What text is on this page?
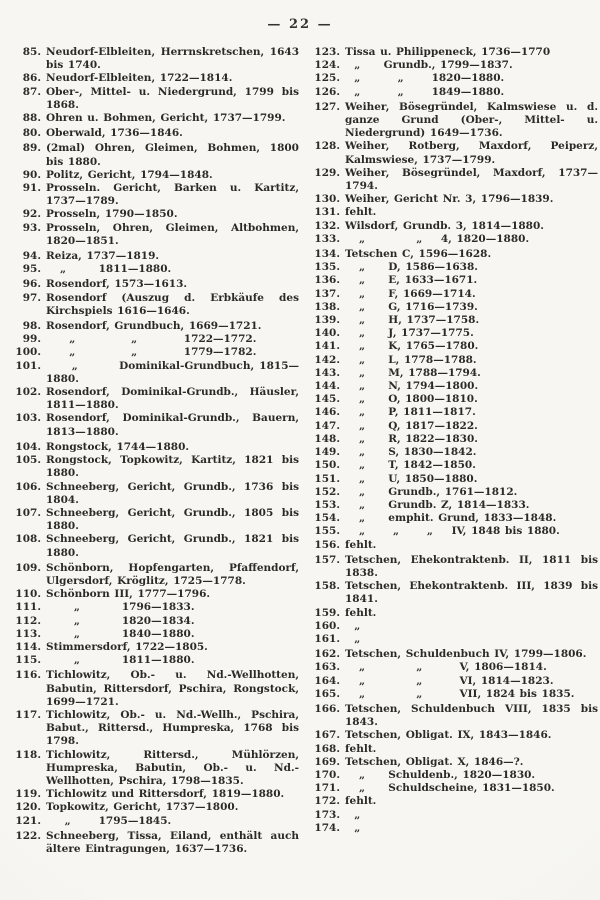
— 22 —
85. Neudorf-Elbleiten, Herrnskretschen, 1643 bis 1740.
86. Neudorf-Elbleiten, 1722—1814.
87. Ober-, Mittel- u. Niedergrund, 1799 bis 1868.
88. Ohren u. Bohmen, Gericht, 1737—1799.
80. Oberwald, 1736—1846.
89. (2mal) Ohren, Gleimen, Bohmen, 1800 bis 1880.
90. Politz, Gericht, 1794—1848.
91. Prosseln. Gericht, Barken u. Kartitz, 1737—1789.
92. Prosseln, 1790—1850.
93. Prosseln, Ohren, Gleimen, Altbohmen, 1820—1851.
94. Reiza, 1737—1819.
95. „       1811—1880.
96. Rosendorf, 1573—1613.
97. Rosendorf (Auszug d. Erbkäufe des Kirchspiels 1616—1646.
98. Rosendorf, Grundbuch, 1669—1721.
99. „            „          1722—1772.
100. „            „          1779—1782.
101. „        Dominikal-Grundbuch, 1815—1880.
102. Rosendorf, Dominikal-Grundb., Häusler, 1811—1880.
103. Rosendorf, Dominikal-Grundb., Bauern, 1813—1880.
104. Rongstock, 1744—1880.
105. Rongstock, Topkowitz, Kartitz, 1821 bis 1880.
106. Schneeberg, Gericht, Grundb., 1736 bis 1804.
107. Schneeberg, Gericht, Grundb., 1805 bis 1880.
108. Schneeberg, Gericht, Grundb., 1821 bis 1880.
109. Schönborn, Hopfengarten, Pfaffendorf, Ulgersdorf, Kröglitz, 1725—1778.
110. Schönborn III, 1777—1796.
111. „         1796—1833.
112. „         1820—1834.
113. „         1840—1880.
114. Stimmersdorf, 1722—1805.
115. „         1811—1880.
116. Tichlowitz, Ob.- u. Nd.-Wellhotten, Babutin, Rittersdorf, Pschira, Rongstock, 1699—1721.
117. Tichlowitz, Ob.- u. Nd.-Wellh., Pschira, Babut., Rittersd., Humpreska, 1768 bis 1798.
118. Tichlowitz, Rittersd., Mühlörzen, Humpreska, Babutin, Ob.- u. Nd.-Wellhotten, Pschira, 1798—1835.
119. Tichlowitz und Rittersdorf, 1819—1880.
120. Topkowitz, Gericht, 1737—1800.
121. „      1795—1845.
122. Schneeberg, Tissa, Eiland, enthält auch ältere Eintragungen, 1637—1736.
123. Tissa u. Philippeneck, 1736—1770
124. „     Grundb., 1799—1837.
125. „        „      1820—1880.
126. „        „      1849—1880.
127. Weiher, Bösegründel, Kalmswiese u. d. ganze Grund (Ober-, Mittel- u. Niedergrund) 1649—1736.
128. Weiher, Rotberg, Maxdorf, Peiperz, Kalmswiese, 1737—1799.
129. Weiher, Bösegründel, Maxdorf, 1737—1794.
130. Weiher, Gericht Nr. 3, 1796—1839.
131. fehlt.
132. Wilsdorf, Grundb. 3, 1814—1880.
133. „           „    4, 1820—1880.
134. Tetschen C, 1596—1628.
135. „     D, 1586—1638.
136. „     E, 1633—1671.
137. „     F, 1669—1714.
138. „     G, 1716—1739.
139. „     H, 1737—1758.
140. „     J, 1737—1775.
141. „     K, 1765—1780.
142. „     L, 1778—1788.
143. „     M, 1788—1794.
144. „     N, 1794—1800.
145. „     O, 1800—1810.
146. „     P, 1811—1817.
147. „     Q, 1817—1822.
148. „     R, 1822—1830.
149. „     S, 1830—1842.
150. „     T, 1842—1850.
151. „     U, 1850—1880.
152. „     Grundb., 1761—1812.
153. „     Grundb. Z, 1814—1833.
154. „     emphit. Grund, 1833—1848.
155. „      „      „    IV, 1848 bis 1880.
156. fehlt.
157. Tetschen, Ehekontraktenb. II, 1811 bis 1838.
158. Tetschen, Ehekontraktenb. III, 1839 bis 1841.
159. fehlt.
160. „
161. „
162. Tetschen, Schuldenbuch IV, 1799—1806.
163. „           „        V, 1806—1814.
164. „           „        VI, 1814—1823.
165. „           „        VII, 1824 bis 1835.
166. Tetschen, Schuldenbuch VIII, 1835 bis 1843.
167. Tetschen, Obligat. IX, 1843—1846.
168. fehlt.
169. Tetschen, Obligat. X, 1846—?.
170. „     Schuldenb., 1820—1830.
171. „     Schuldscheine, 1831—1850.
172. fehlt.
173. „
174. „
